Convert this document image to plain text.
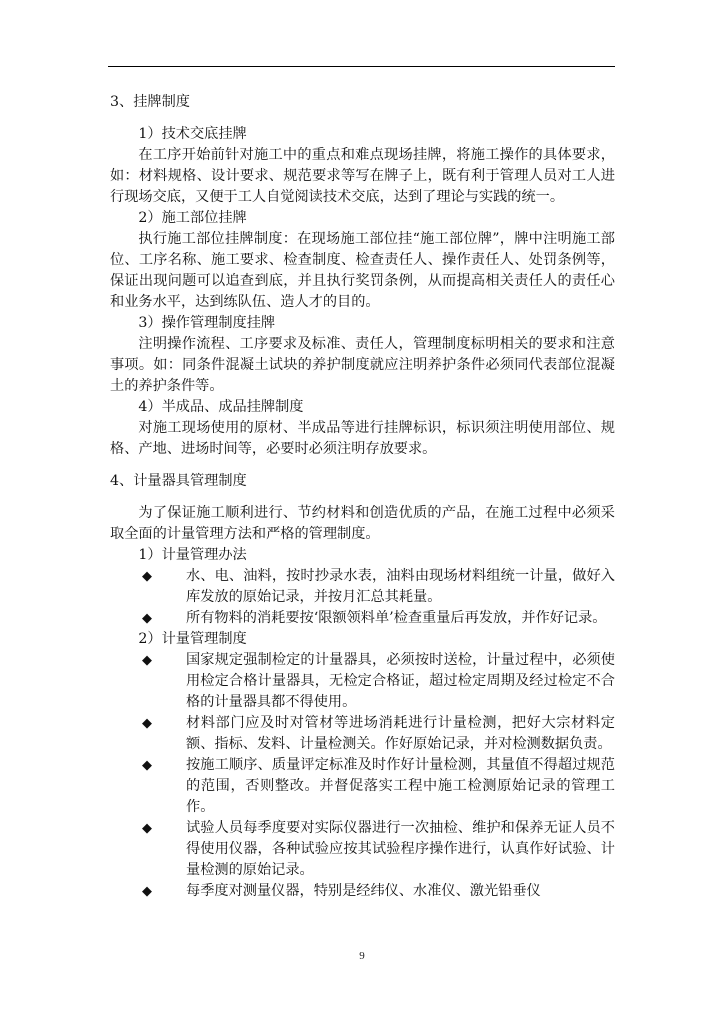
3、挂牌制度

1）技术交底挂牌

在工序开始前针对施工中的重点和难点现场挂牌，将施工操作的具体要求，如：材料规格、设计要求、规范要求等写在牌子上，既有利于管理人员对工人进行现场交底，又便于工人自觉阅读技术交底，达到了理论与实践的统一。

2）施工部位挂牌

执行施工部位挂牌制度：在现场施工部位挂“施工部位牌”，牌中注明施工部位、工序名称、施工要求、检查制度、检查责任人、操作责任人、处罚条例等，保证出现问题可以追查到底，并且执行奖罚条例，从而提高相关责任人的责任心和业务水平，达到练队伍、造人才的目的。

3）操作管理制度挂牌

注明操作流程、工序要求及标准、责任人，管理制度标明相关的要求和注意事项。如：同条件混凝土试块的养护制度就应注明养护条件必须同代表部位混凝土的养护条件等。

4）半成品、成品挂牌制度

对施工现场使用的原材、半成品等进行挂牌标识，标识须注明使用部位、规格、产地、进场时间等，必要时必须注明存放要求。

4、计量器具管理制度

为了保证施工顺利进行、节约材料和创造优质的产品，在施工过程中必须采取全面的计量管理方法和严格的管理制度。

1）计量管理办法

◆ 水、电、油料，按时抄录水表，油料由现场材料组统一计量，做好入库发放的原始记录，并按月汇总其耗量。
◆ 所有物料的消耗要按‘限额领料单’检查重量后再发放，并作好记录。

2）计量管理制度

◆ 国家规定强制检定的计量器具，必须按时送检，计量过程中，必须使用检定合格计量器具，无检定合格证，超过检定周期及经过检定不合格的计量器具都不得使用。
◆ 材料部门应及时对管材等进场消耗进行计量检测，把好大宗材料定额、指标、发料、计量检测关。作好原始记录，并对检测数据负责。
◆ 按施工顺序、质量评定标准及时作好计量检测，其量值不得超过规范的范围，否则整改。并督促落实工程中施工检测原始记录的管理工作。
◆ 试验人员每季度要对实际仪器进行一次抽检、维护和保养无证人员不得使用仪器，各种试验应按其试验程序操作进行，认真作好试验、计量检测的原始记录。
◆ 每季度对测量仪器，特别是经纬仪、水准仪、激光铅垂仪
9
